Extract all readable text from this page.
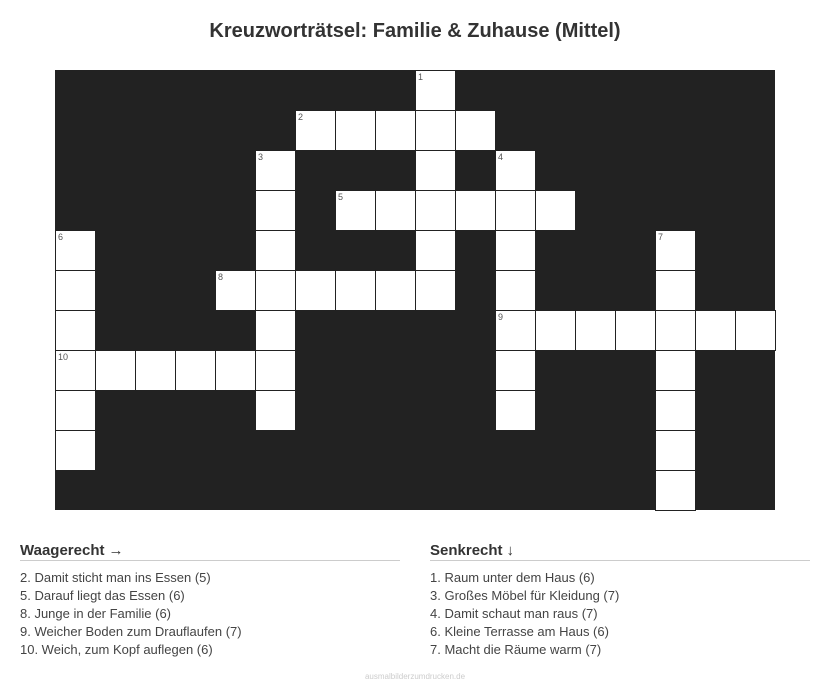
Kreuzworträtsel: Familie & Zuhause (Mittel)
1
2
3	4
5
6	7
8
9
10
Waagerecht →
2. Damit sticht man ins Essen (5)
5. Darauf liegt das Essen (6)
8. Junge in der Familie (6)
9. Weicher Boden zum Drauflaufen (7)
10. Weich, zum Kopf auflegen (6)
Senkrecht ↓
1. Raum unter dem Haus (6)
3. Großes Möbel für Kleidung (7)
4. Damit schaut man raus (7)
6. Kleine Terrasse am Haus (6)
7. Macht die Räume warm (7)
ausmalbilderzumdrucken.de
